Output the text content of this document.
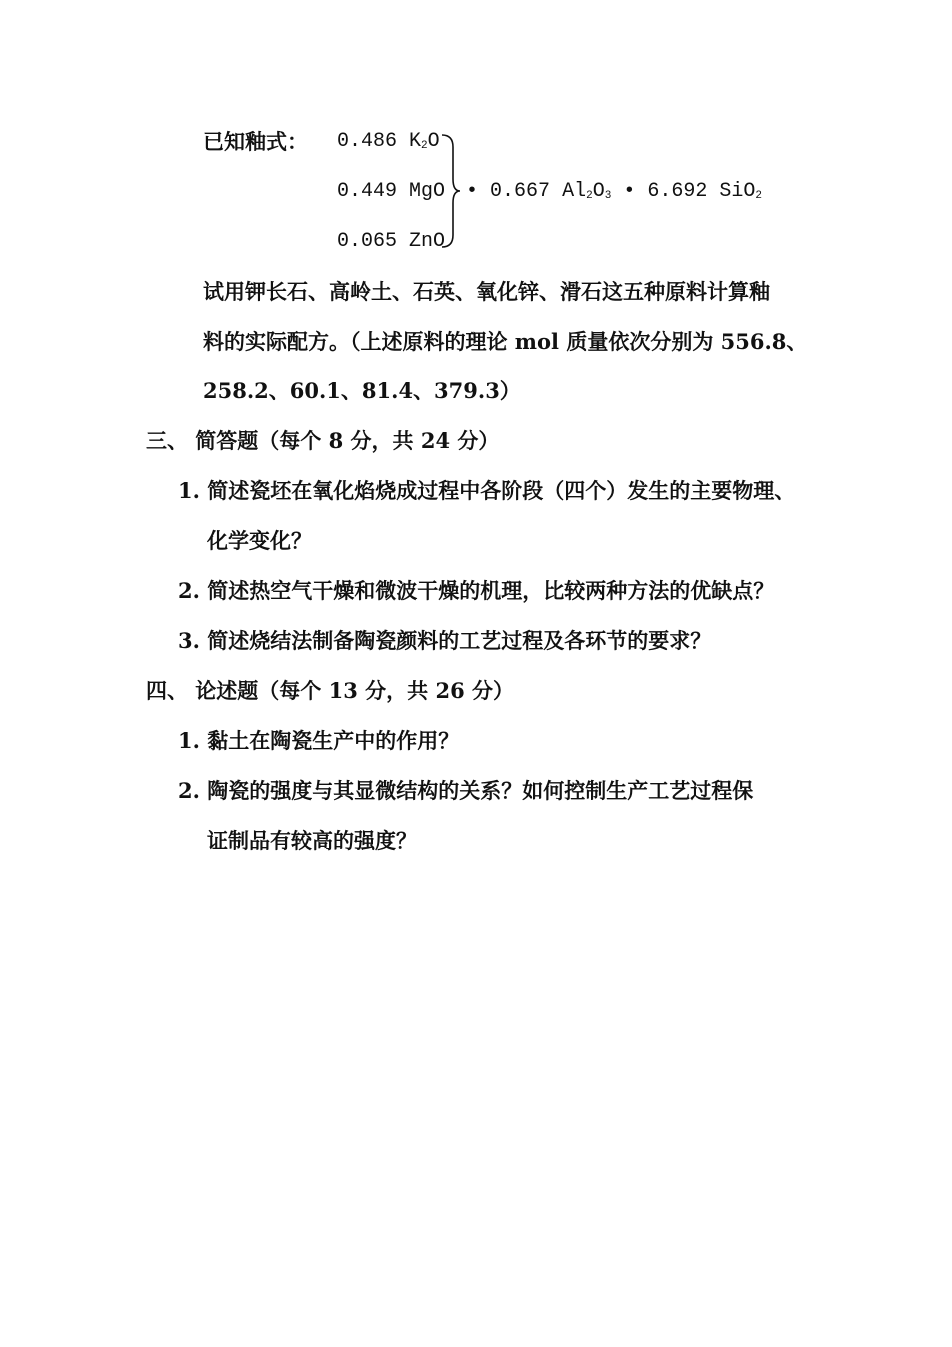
已知釉式： 0.486 $K_2O$
0.449 MgO
0.065 ZnO
• 0.667 $Al_2O_3$ • 6.692 SiO$_2$
试用钾长石、高岭土、石英、氧化锌、滑石这五种原料计算釉
料的实际配方。（上述原料的理论 mol 质量依次分别为 556.8、
258.2、60.1、81.4、379.3）
三、 简答题（每个 8 分，共 24 分）
1. 简述瓷坯在氧化焰烧成过程中各阶段（四个）发生的主要物理、
化学变化？
2. 简述热空气干燥和微波干燥的机理，比较两种方法的优缺点？
3. 简述烧结法制备陶瓷颜料的工艺过程及各环节的要求？
四、 论述题（每个 13 分，共 26 分）
1. 黏土在陶瓷生产中的作用？
2. 陶瓷的强度与其显微结构的关系？如何控制生产工艺过程保
证制品有较高的强度？
